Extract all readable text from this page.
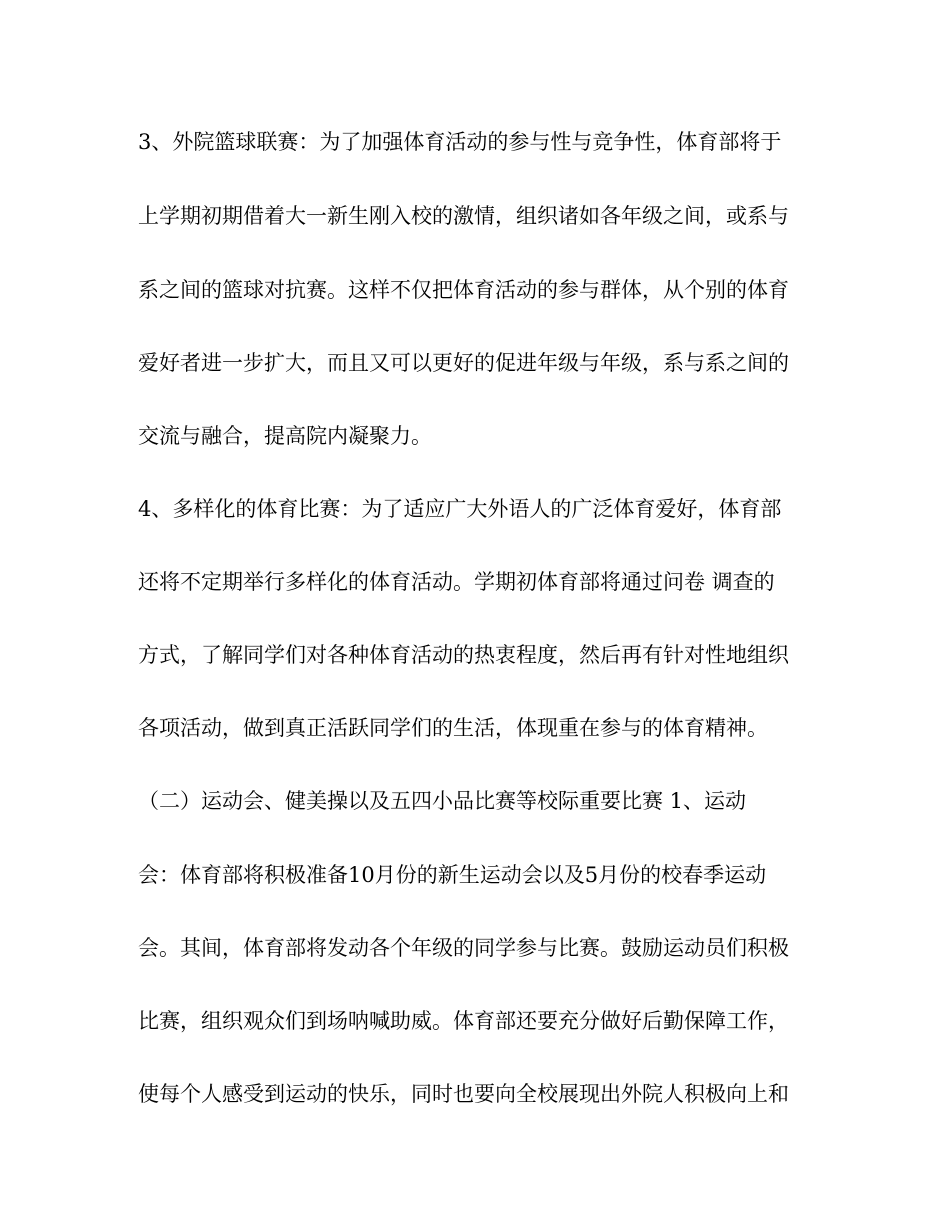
3、外院篮球联赛：为了加强体育活动的参与性与竞争性，体育部将于
上学期初期借着大一新生刚入校的激情，组织诸如各年级之间，或系与
系之间的篮球对抗赛。这样不仅把体育活动的参与群体，从个别的体育
爱好者进一步扩大，而且又可以更好的促进年级与年级，系与系之间的
交流与融合，提高院内凝聚力。
4、多样化的体育比赛：为了适应广大外语人的广泛体育爱好，体育部
还将不定期举行多样化的体育活动。学期初体育部将通过问卷 调查的
方式，了解同学们对各种体育活动的热衷程度，然后再有针对性地组织
各项活动，做到真正活跃同学们的生活，体现重在参与的体育精神。
（二）运动会、健美操以及五四小品比赛等校际重要比赛 1、运动
会：体育部将积极准备10月份的新生运动会以及5月份的校春季运动
会。其间，体育部将发动各个年级的同学参与比赛。鼓励运动员们积极
比赛，组织观众们到场呐喊助威。体育部还要充分做好后勤保障工作，
使每个人感受到运动的快乐，同时也要向全校展现出外院人积极向上和
